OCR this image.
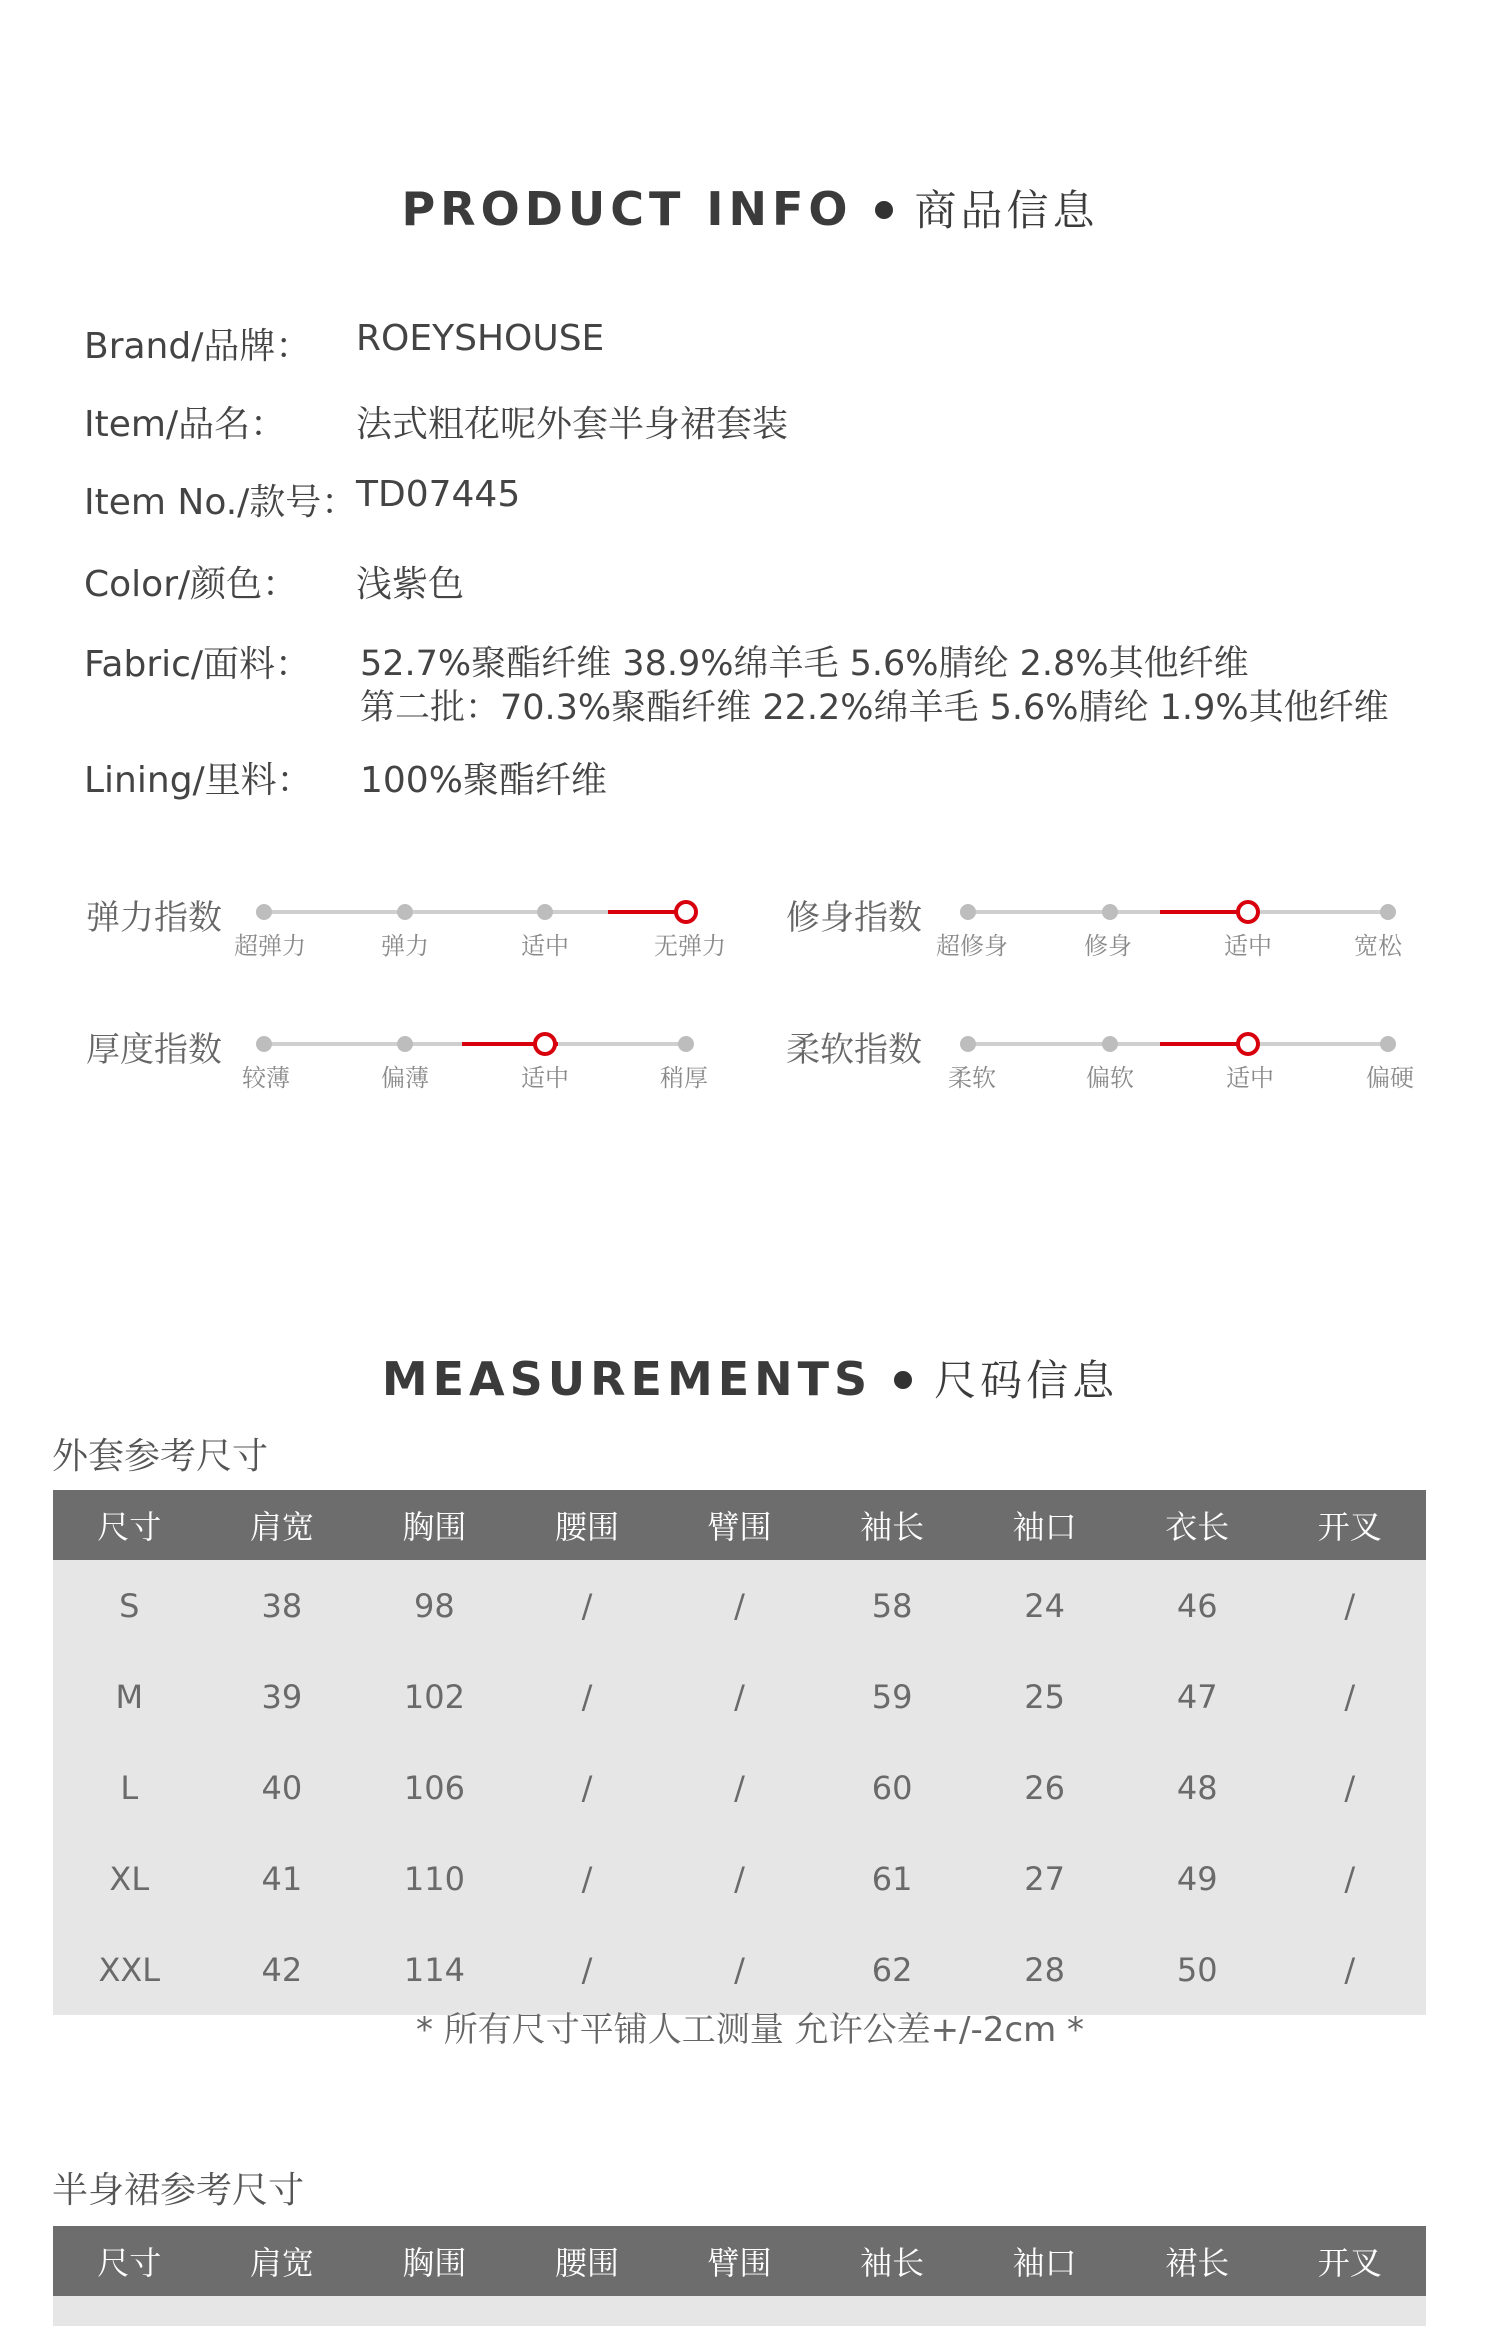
PRODUCT INFO 商品信息
Brand/品牌： ROEYSHOUSE
Item/品名： 法式粗花呢外套半身裙套装
Item No./款号：
TD07445
Color/颜色： 浅紫色
Fabric/面料： 52.7%聚酯纤维 38.9%绵羊毛 5.6%腈纶 2.8%其他纤维
第二批：70.3%聚酯纤维 22.2%绵羊毛 5.6%腈纶 1.9%其他纤维
Lining/里料： 100%聚酯纤维
弹力指数
超弹力	弹力	适中	无弹力
修身指数
超修身	修身	适中	宽松
厚度指数
较薄	偏薄	适中	稍厚
柔软指数
柔软	偏软	适中	偏硬
MEASUREMENTS 尺码信息
外套参考尺寸
尺寸	肩宽	胸围	腰围	臂围	袖长	袖口	衣长	开叉
S	38	98	/	/	58	24	46	/
M	39	102	/	/	59	25	47	/
L	40	106	/	/	60	26	48	/
XL	41	110	/	/	61	27	49	/
XXL	42	114	/	/	62	28	50	/
* 所有尺寸平铺人工测量 允许公差+/-2cm *
半身裙参考尺寸
尺寸	肩宽	胸围	腰围	臂围	袖长	袖口	裙长	开叉
